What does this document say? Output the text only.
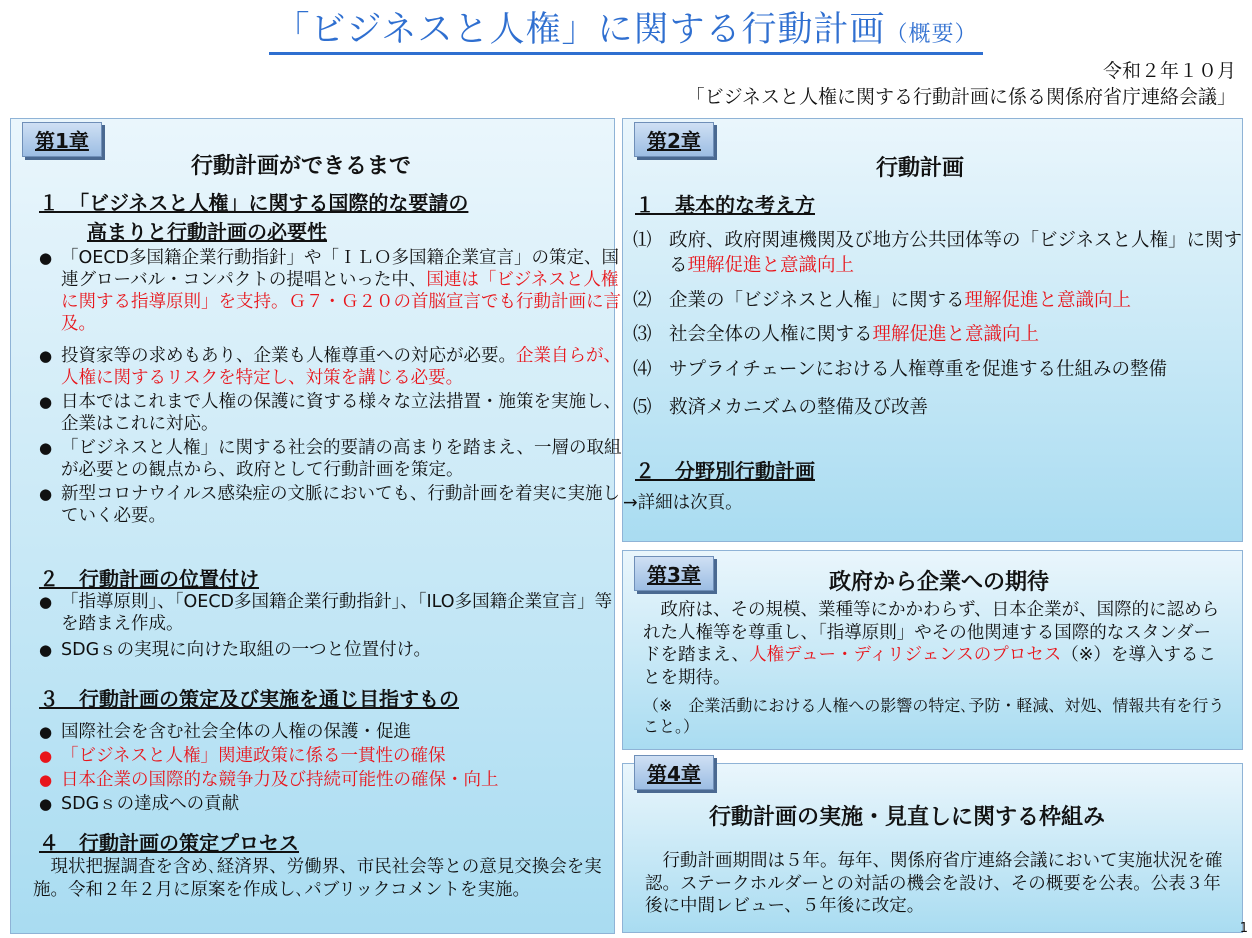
「ビジネスと人権」に関する行動計画（概要）
令和２年１０月
「ビジネスと人権に関する行動計画に係る関係府省庁連絡会議」
行動計画ができるまで
１　「ビジネスと人権」に関する国際的な要請の
高まりと行動計画の必要性
● 「OECD多国籍企業行動指針」や「ＩＬＯ多国籍企業宣言」の策定、国連グローバル・コンパクトの提唱といった中、国連は「ビジネスと人権に関する指導原則」を支持。Ｇ７・Ｇ２０の首脳宣言でも行動計画に言及。
● 投資家等の求めもあり、企業も人権尊重への対応が必要。企業自らが、人権に関するリスクを特定し、対策を講じる必要。
● 日本ではこれまで人権の保護に資する様々な立法措置・施策を実施し、企業はこれに対応。
● 「ビジネスと人権」に関する社会的要請の高まりを踏まえ、一層の取組が必要との観点から、政府として行動計画を策定。
● 新型コロナウイルス感染症の文脈においても、行動計画を着実に実施していく必要。
２　行動計画の位置付け
● 「指導原則」、「OECD多国籍企業行動指針」、「ILO多国籍企業宣言」等を踏まえ作成。
● SDGｓの実現に向けた取組の一つと位置付け。
３　行動計画の策定及び実施を通じ目指すもの
● 国際社会を含む社会全体の人権の保護・促進
● 「ビジネスと人権」関連政策に係る一貫性の確保
● 日本企業の国際的な競争力及び持続可能性の確保・向上
● SDGｓの達成への貢献
４　行動計画の策定プロセス
　現状把握調査を含め､経済界、労働界、市民社会等との意見交換会を実施。令和２年２月に原案を作成し､パブリックコメントを実施。
第1章
行動計画
１　基本的な考え方
⑴ 政府、政府関連機関及び地方公共団体等の「ビジネスと人権」に関する理解促進と意識向上
⑵ 企業の「ビジネスと人権」に関する理解促進と意識向上
⑶ 社会全体の人権に関する理解促進と意識向上
⑷ サプライチェーンにおける人権尊重を促進する仕組みの整備
⑸ 救済メカニズムの整備及び改善
２　分野別行動計画
→詳細は次頁。
第2章
政府から企業への期待
　政府は、その規模、業種等にかかわらず、日本企業が、国際的に認められた人権等を尊重し、「指導原則」やその他関連する国際的なスタンダードを踏まえ、人権デュー・ディリジェンスのプロセス（※）を導入することを期待。
（※　企業活動における人権への影響の特定､予防・軽減、対処、情報共有を行うこと。）
第3章
行動計画の実施・見直しに関する枠組み
　行動計画期間は５年。毎年、関係府省庁連絡会議において実施状況を確認。ステークホルダーとの対話の機会を設け、その概要を公表。公表３年後に中間レビュー、５年後に改定。
第4章
1
